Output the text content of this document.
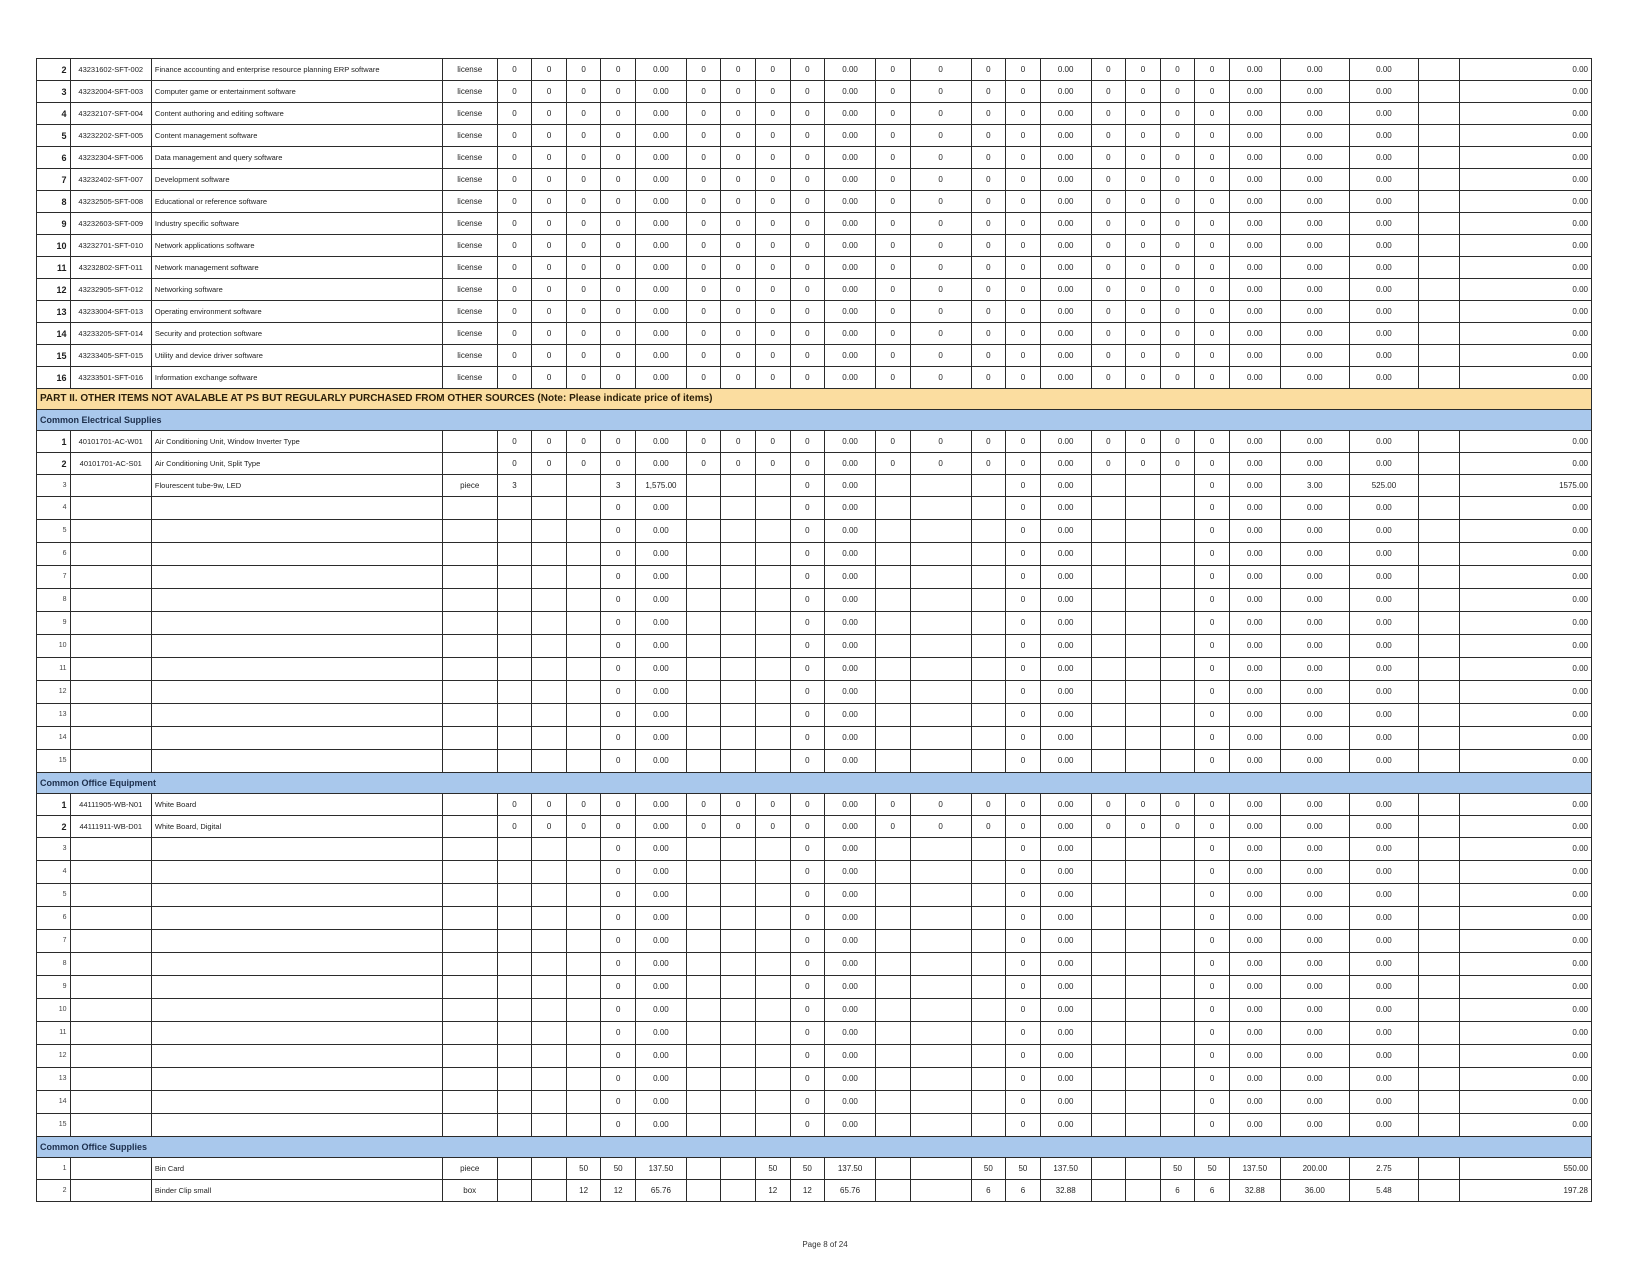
2	43231602-SFT-002	Finance accounting and enterprise resource planning ERP software	license	0	0	0	0	0.00	0	0	0	0	0.00	0	0	0	0	0.00	0	0	0	0	0.00	0.00	0.00		0.00
3	43232004-SFT-003	Computer game or entertainment software	license	0	0	0	0	0.00	0	0	0	0	0.00	0	0	0	0	0.00	0	0	0	0	0.00	0.00	0.00		0.00
4	43232107-SFT-004	Content authoring and editing software	license	0	0	0	0	0.00	0	0	0	0	0.00	0	0	0	0	0.00	0	0	0	0	0.00	0.00	0.00		0.00
5	43232202-SFT-005	Content management software	license	0	0	0	0	0.00	0	0	0	0	0.00	0	0	0	0	0.00	0	0	0	0	0.00	0.00	0.00		0.00
6	43232304-SFT-006	Data management and query software	license	0	0	0	0	0.00	0	0	0	0	0.00	0	0	0	0	0.00	0	0	0	0	0.00	0.00	0.00		0.00
7	43232402-SFT-007	Development software	license	0	0	0	0	0.00	0	0	0	0	0.00	0	0	0	0	0.00	0	0	0	0	0.00	0.00	0.00		0.00
8	43232505-SFT-008	Educational or reference software	license	0	0	0	0	0.00	0	0	0	0	0.00	0	0	0	0	0.00	0	0	0	0	0.00	0.00	0.00		0.00
9	43232603-SFT-009	Industry specific software	license	0	0	0	0	0.00	0	0	0	0	0.00	0	0	0	0	0.00	0	0	0	0	0.00	0.00	0.00		0.00
10	43232701-SFT-010	Network applications software	license	0	0	0	0	0.00	0	0	0	0	0.00	0	0	0	0	0.00	0	0	0	0	0.00	0.00	0.00		0.00
11	43232802-SFT-011	Network management software	license	0	0	0	0	0.00	0	0	0	0	0.00	0	0	0	0	0.00	0	0	0	0	0.00	0.00	0.00		0.00
12	43232905-SFT-012	Networking software	license	0	0	0	0	0.00	0	0	0	0	0.00	0	0	0	0	0.00	0	0	0	0	0.00	0.00	0.00		0.00
13	43233004-SFT-013	Operating environment software	license	0	0	0	0	0.00	0	0	0	0	0.00	0	0	0	0	0.00	0	0	0	0	0.00	0.00	0.00		0.00
14	43233205-SFT-014	Security and protection software	license	0	0	0	0	0.00	0	0	0	0	0.00	0	0	0	0	0.00	0	0	0	0	0.00	0.00	0.00		0.00
15	43233405-SFT-015	Utility and device driver software	license	0	0	0	0	0.00	0	0	0	0	0.00	0	0	0	0	0.00	0	0	0	0	0.00	0.00	0.00		0.00
16	43233501-SFT-016	Information exchange software	license	0	0	0	0	0.00	0	0	0	0	0.00	0	0	0	0	0.00	0	0	0	0	0.00	0.00	0.00		0.00
PART II. OTHER ITEMS NOT AVALABLE AT PS BUT REGULARLY PURCHASED FROM OTHER SOURCES (Note: Please indicate price of items)																											
Common Electrical Supplies																											
1	40101701-AC-W01	Air Conditioning Unit, Window Inverter Type		0	0	0	0	0.00	0	0	0	0	0.00	0	0	0	0	0.00	0	0	0	0	0.00	0.00	0.00		0.00
2	40101701-AC-S01	Air Conditioning Unit, Split Type		0	0	0	0	0.00	0	0	0	0	0.00	0	0	0	0	0.00	0	0	0	0	0.00	0.00	0.00		0.00
3		Flourescent tube-9w, LED	piece	3			3	1,575.00				0	0.00				0	0.00				0	0.00	3.00	525.00		1575.00
4							0	0.00				0	0.00				0	0.00				0	0.00	0.00	0.00		0.00
5							0	0.00				0	0.00				0	0.00				0	0.00	0.00	0.00		0.00
6							0	0.00				0	0.00				0	0.00				0	0.00	0.00	0.00		0.00
7							0	0.00				0	0.00				0	0.00				0	0.00	0.00	0.00		0.00
8							0	0.00				0	0.00				0	0.00				0	0.00	0.00	0.00		0.00
9							0	0.00				0	0.00				0	0.00				0	0.00	0.00	0.00		0.00
10							0	0.00				0	0.00				0	0.00				0	0.00	0.00	0.00		0.00
11							0	0.00				0	0.00				0	0.00				0	0.00	0.00	0.00		0.00
12							0	0.00				0	0.00				0	0.00				0	0.00	0.00	0.00		0.00
13							0	0.00				0	0.00				0	0.00				0	0.00	0.00	0.00		0.00
14							0	0.00				0	0.00				0	0.00				0	0.00	0.00	0.00		0.00
15							0	0.00				0	0.00				0	0.00				0	0.00	0.00	0.00		0.00
Common Office Equipment																											
1	44111905-WB-N01	White Board		0	0	0	0	0.00	0	0	0	0	0.00	0	0	0	0	0.00	0	0	0	0	0.00	0.00	0.00		0.00
2	44111911-WB-D01	White Board, Digital		0	0	0	0	0.00	0	0	0	0	0.00	0	0	0	0	0.00	0	0	0	0	0.00	0.00	0.00		0.00
3							0	0.00				0	0.00				0	0.00				0	0.00	0.00	0.00		0.00
4							0	0.00				0	0.00				0	0.00				0	0.00	0.00	0.00		0.00
5							0	0.00				0	0.00				0	0.00				0	0.00	0.00	0.00		0.00
6							0	0.00				0	0.00				0	0.00				0	0.00	0.00	0.00		0.00
7							0	0.00				0	0.00				0	0.00				0	0.00	0.00	0.00		0.00
8							0	0.00				0	0.00				0	0.00				0	0.00	0.00	0.00		0.00
9							0	0.00				0	0.00				0	0.00				0	0.00	0.00	0.00		0.00
10							0	0.00				0	0.00				0	0.00				0	0.00	0.00	0.00		0.00
11							0	0.00				0	0.00				0	0.00				0	0.00	0.00	0.00		0.00
12							0	0.00				0	0.00				0	0.00				0	0.00	0.00	0.00		0.00
13							0	0.00				0	0.00				0	0.00				0	0.00	0.00	0.00		0.00
14							0	0.00				0	0.00				0	0.00				0	0.00	0.00	0.00		0.00
15							0	0.00				0	0.00				0	0.00				0	0.00	0.00	0.00		0.00
Common Office Supplies																											
1		Bin Card	piece			50	50	137.50			50	50	137.50			50	50	137.50			50	50	137.50	200.00	2.75		550.00
2		Binder Clip small	box			12	12	65.76			12	12	65.76			6	6	32.88			6	6	32.88	36.00	5.48		197.28
Page 8 of 24
